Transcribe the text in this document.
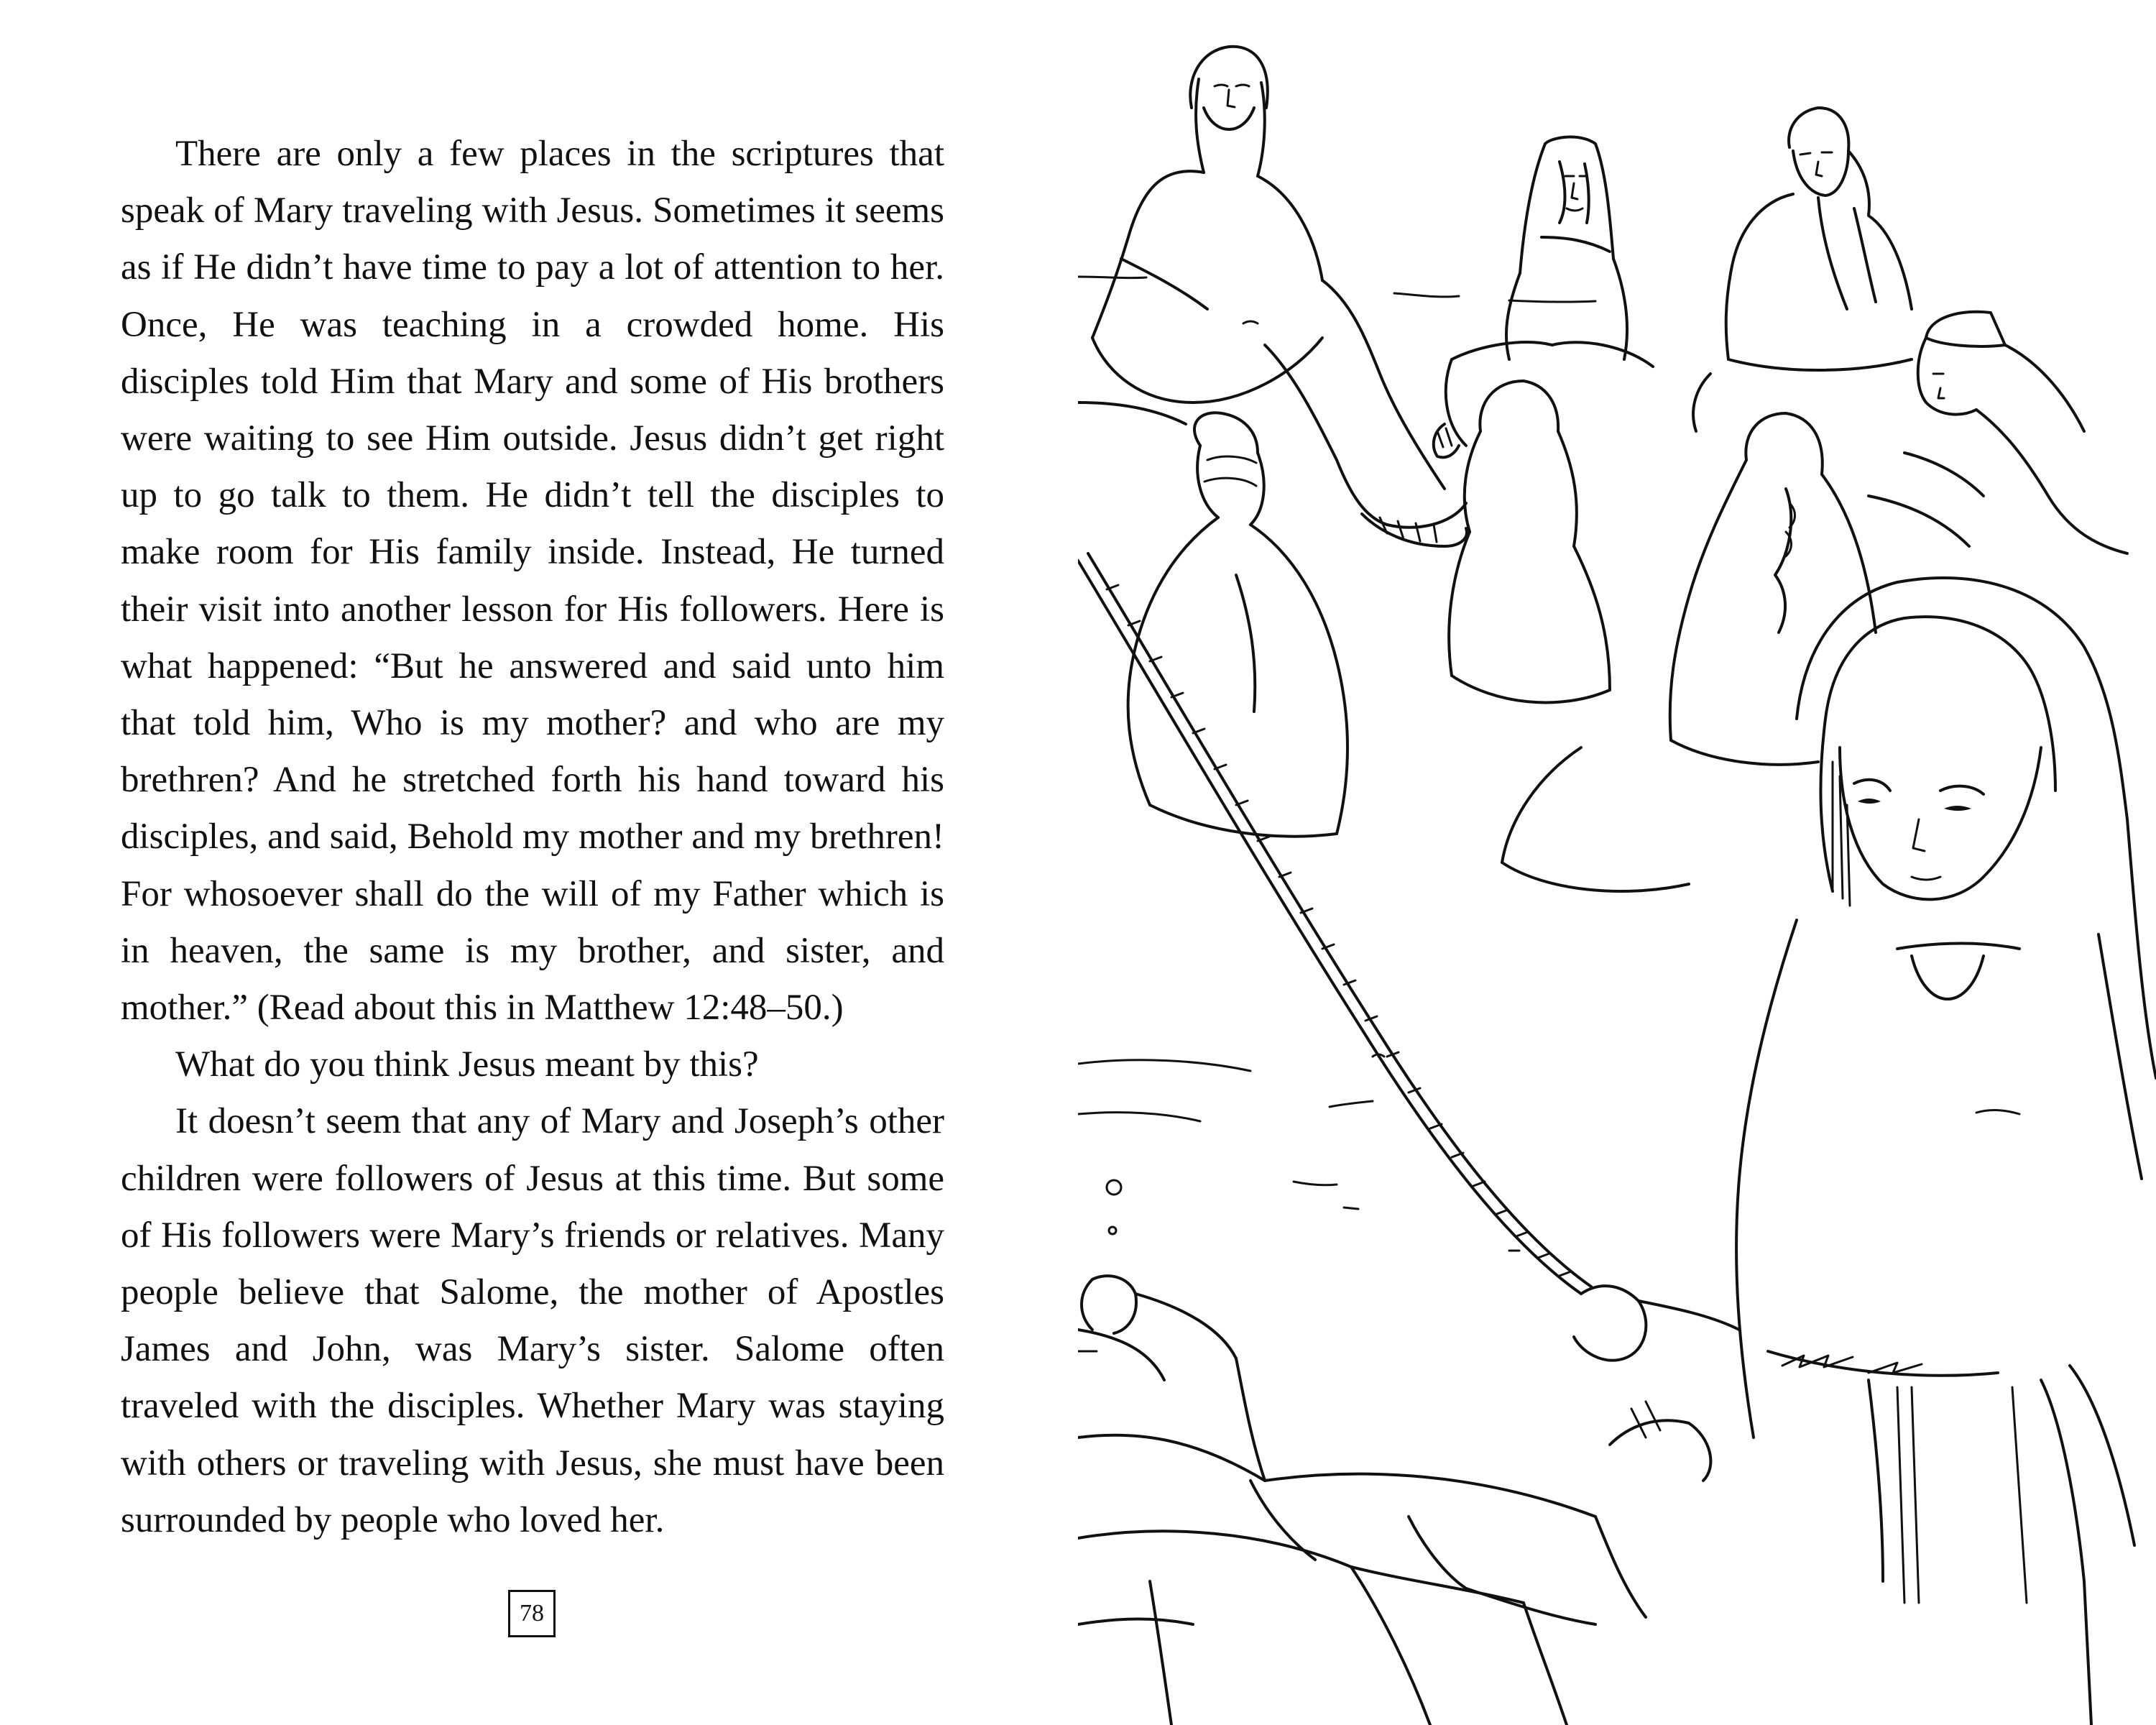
There are only a few places in the scriptures that speak of Mary traveling with Jesus. Sometimes it seems as if He didn’t have time to pay a lot of attention to her. Once, He was teaching in a crowded home. His disciples told Him that Mary and some of His brothers were waiting to see Him outside. Jesus didn’t get right up to go talk to them. He didn’t tell the disciples to make room for His family inside. Instead, He turned their visit into another lesson for His followers. Here is what happened: “But he answered and said unto him that told him, Who is my mother? and who are my brethren? And he stretched forth his hand toward his disciples, and said, Behold my mother and my brethren! For whosoever shall do the will of my Father which is in heaven, the same is my brother, and sister, and mother.” (Read about this in Matthew 12:48–50.)

What do you think Jesus meant by this?

It doesn’t seem that any of Mary and Joseph’s other children were followers of Jesus at this time. But some of His followers were Mary’s friends or relatives. Many people believe that Salome, the mother of Apostles James and John, was Mary’s sister. Salome often traveled with the disciples. Whether Mary was staying with others or traveling with Jesus, she must have been surrounded by people who loved her.

78
